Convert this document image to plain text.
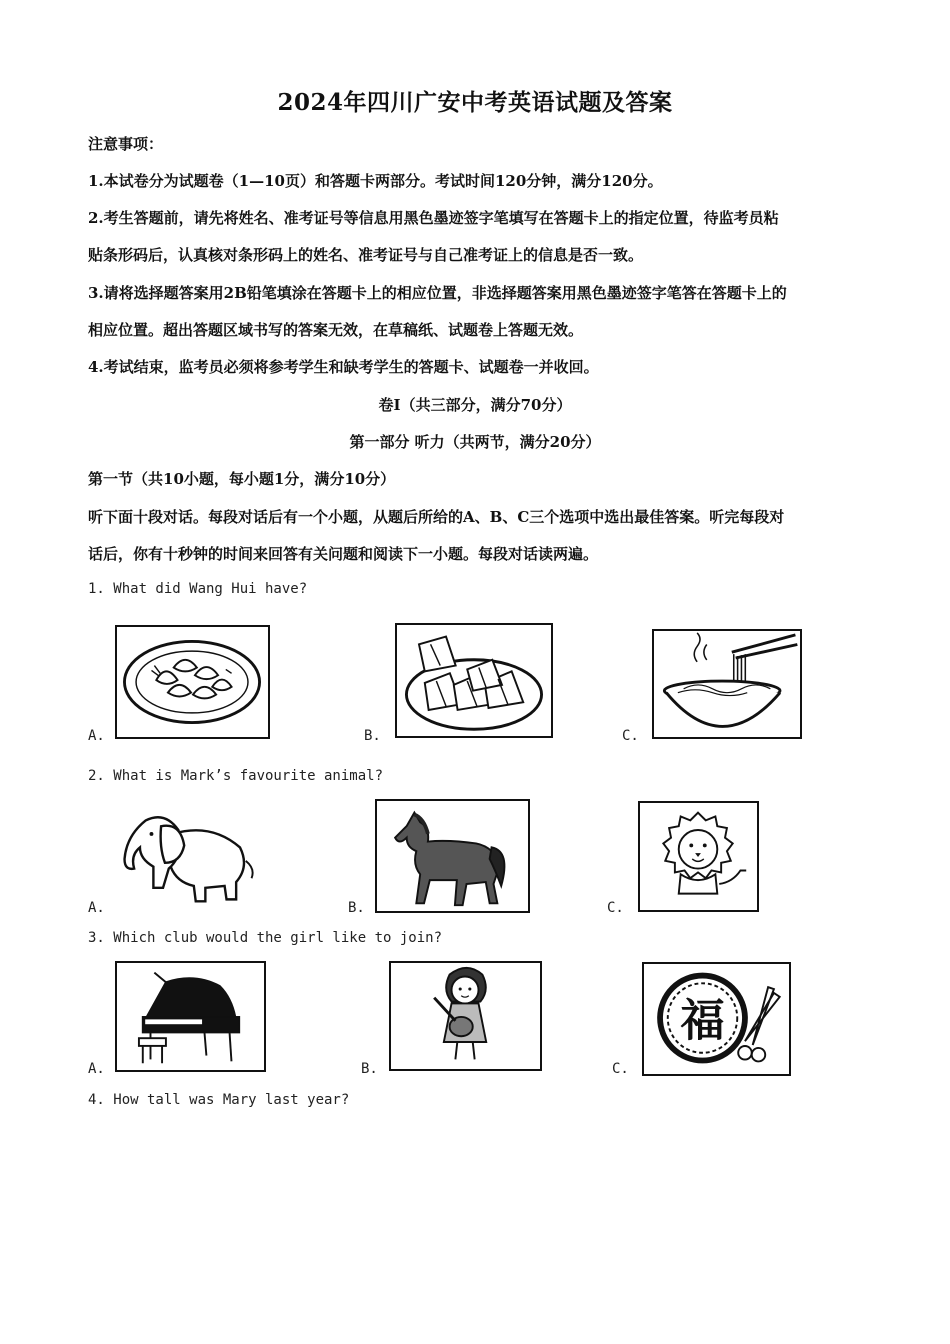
2024年四川广安中考英语试题及答案
注意事项：
1.本试卷分为试题卷（1—10页）和答题卡两部分。考试时间120分钟，满分120分。
2.考生答题前，请先将姓名、准考证号等信息用黑色墨迹签字笔填写在答题卡上的指定位置，待监考员粘
贴条形码后，认真核对条形码上的姓名、准考证号与自己准考证上的信息是否一致。
3.请将选择题答案用2B铅笔填涂在答题卡上的相应位置，非选择题答案用黑色墨迹签字笔答在答题卡上的
相应位置。超出答题区域书写的答案无效，在草稿纸、试题卷上答题无效。
4.考试结束，监考员必须将参考学生和缺考学生的答题卡、试题卷一并收回。
卷Ⅰ（共三部分，满分70分）
第一部分 听力（共两节，满分20分）
第一节（共10小题，每小题1分，满分10分）
听下面十段对话。每段对话后有一个小题，从题后所给的A、B、C三个选项中选出最佳答案。听完每段对
话后，你有十秒钟的时间来回答有关问题和阅读下一小题。每段对话读两遍。
1. What did Wang Hui have?
A.	B.	C.
2. What is Mark’s favourite animal?
A.	B.	C.
3. Which club would the girl like to join?
A.	B.	C.
福
4. How tall was Mary last year?
